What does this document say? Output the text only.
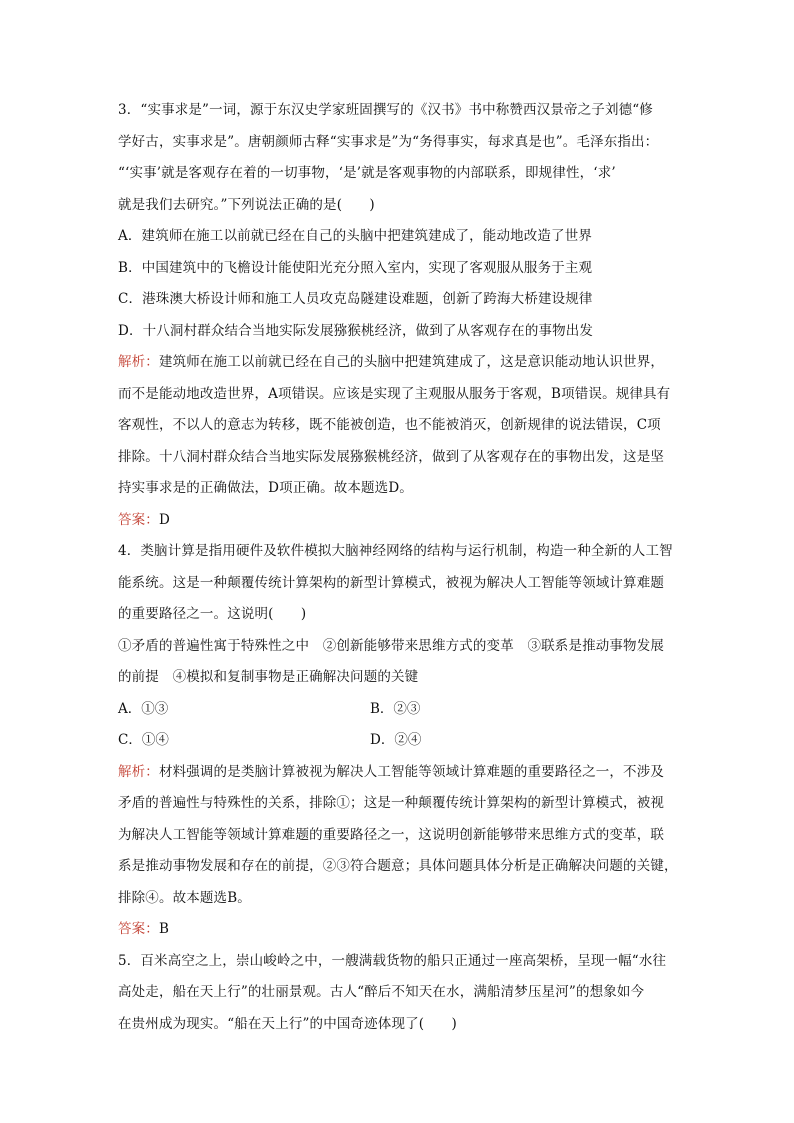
3．“实事求是”一词，源于东汉史学家班固撰写的《汉书》书中称赞西汉景帝之子刘德“修
学好古，实事求是”。唐朝颜师古释“实事求是”为“务得事实，每求真是也”。毛泽东指出：
“‘实事’就是客观存在着的一切事物，‘是’就是客观事物的内部联系，即规律性，‘求’
就是我们去研究。”下列说法正确的是(　　)
A．建筑师在施工以前就已经在自己的头脑中把建筑建成了，能动地改造了世界
B．中国建筑中的飞檐设计能使阳光充分照入室内，实现了客观服从服务于主观
C．港珠澳大桥设计师和施工人员攻克岛隧建设难题，创新了跨海大桥建设规律
D．十八洞村群众结合当地实际发展猕猴桃经济，做到了从客观存在的事物出发
解析：建筑师在施工以前就已经在自己的头脑中把建筑建成了，这是意识能动地认识世界，
而不是能动地改造世界，A项错误。应该是实现了主观服从服务于客观，B项错误。规律具有
客观性，不以人的意志为转移，既不能被创造，也不能被消灭，创新规律的说法错误，C项
排除。十八洞村群众结合当地实际发展猕猴桃经济，做到了从客观存在的事物出发，这是坚
持实事求是的正确做法，D项正确。故本题选D。
答案：D
4．类脑计算是指用硬件及软件模拟大脑神经网络的结构与运行机制，构造一种全新的人工智
能系统。这是一种颠覆传统计算架构的新型计算模式，被视为解决人工智能等领域计算难题
的重要路径之一。这说明(　　)
①矛盾的普遍性寓于特殊性之中　②创新能够带来思维方式的变革　③联系是推动事物发展
的前提　④模拟和复制事物是正确解决问题的关键
A．①③	B．②③
C．①④	D．②④
解析：材料强调的是类脑计算被视为解决人工智能等领域计算难题的重要路径之一，不涉及
矛盾的普遍性与特殊性的关系，排除①；这是一种颠覆传统计算架构的新型计算模式，被视
为解决人工智能等领域计算难题的重要路径之一，这说明创新能够带来思维方式的变革，联
系是推动事物发展和存在的前提，②③符合题意；具体问题具体分析是正确解决问题的关键，
排除④。故本题选B。
答案：B
5．百米高空之上，崇山峻岭之中，一艘满载货物的船只正通过一座高架桥，呈现一幅“水往
高处走，船在天上行”的壮丽景观。古人“醉后不知天在水，满船清梦压星河”的想象如今
在贵州成为现实。“船在天上行”的中国奇迹体现了(　　)
